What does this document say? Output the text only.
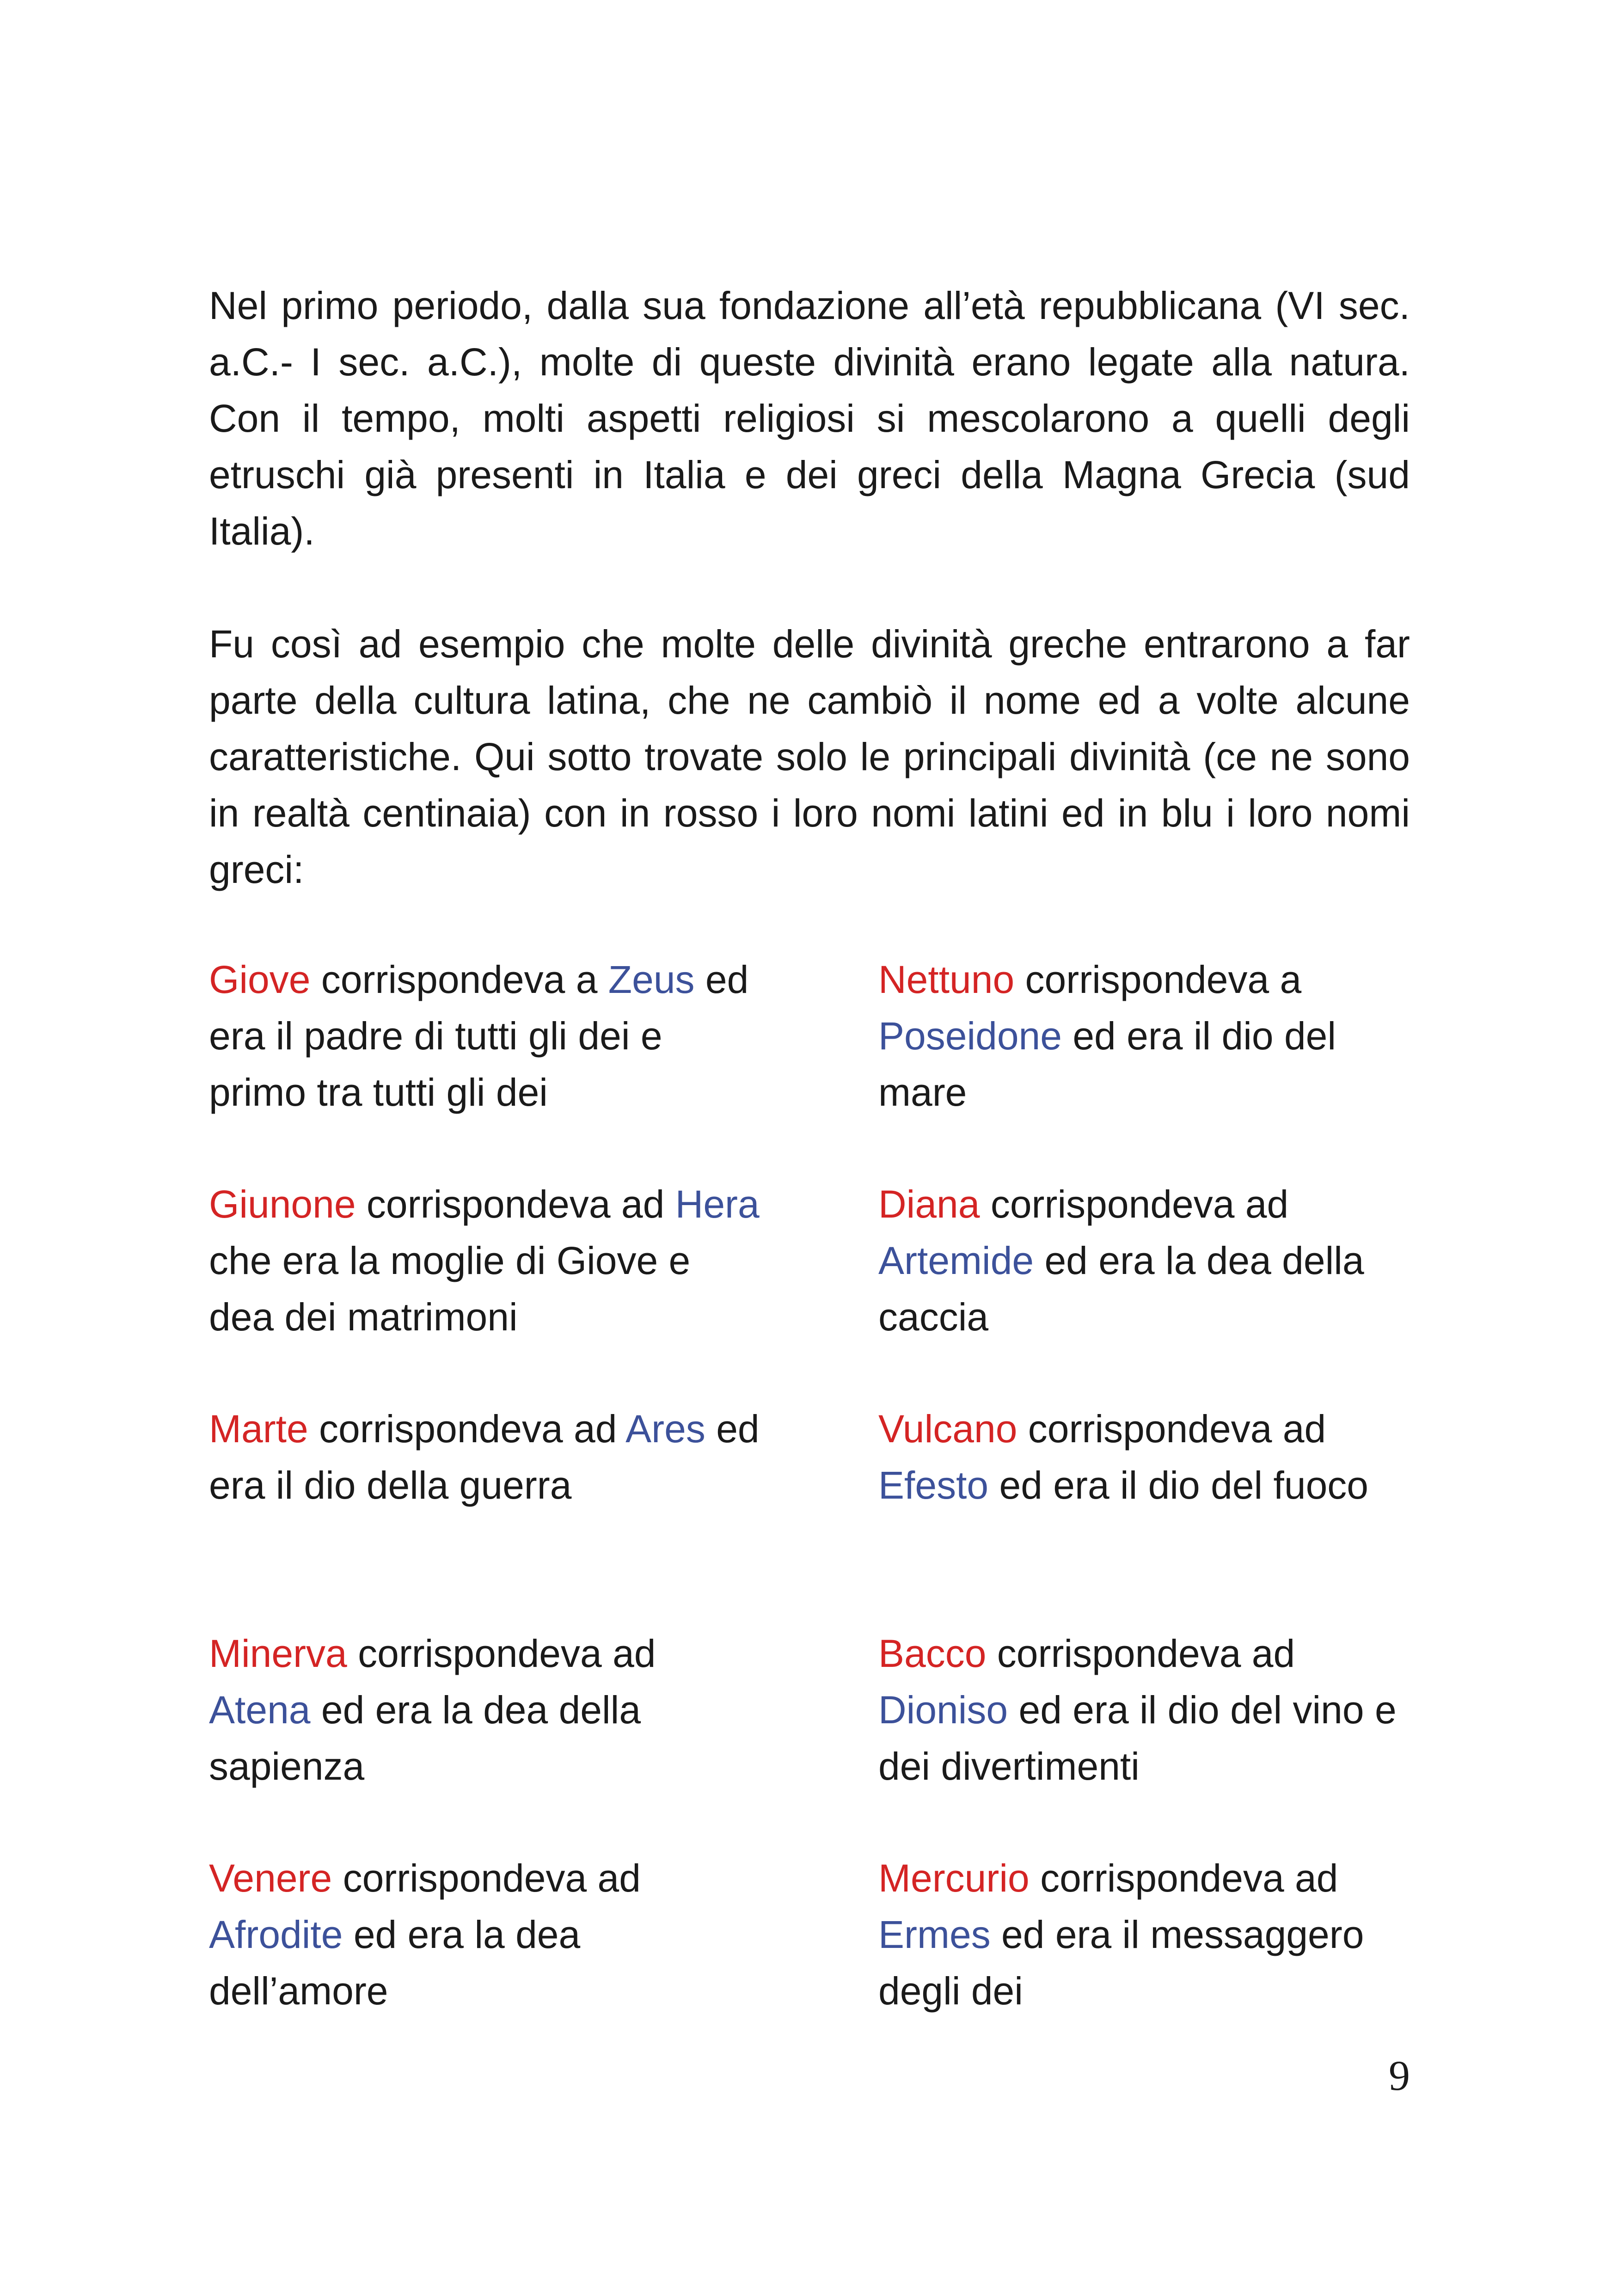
Nel primo periodo, dalla sua fondazione all’età repubblicana (VI sec. a.C.- I sec. a.C.), molte di queste divinità erano legate alla natura. Con il tempo, molti aspetti religiosi si mescolarono a quelli degli etruschi già presenti in Italia e dei greci della Magna Grecia (sud Italia).

Fu così ad esempio che molte delle divinità greche entrarono a far parte della cultura latina, che ne cambiò il nome ed a volte alcune caratteristiche. Qui sotto trovate solo le principali divinità (ce ne sono in realtà centinaia) con in rosso i loro nomi latini ed in blu i loro nomi greci:

Giove corrispondeva a Zeus ed era il padre di tutti gli dei e primo tra tutti gli dei
Giunone corrispondeva ad Hera che era la moglie di Giove e dea dei matrimoni
Marte corrispondeva ad Ares ed era il dio della guerra
Minerva corrispondeva ad Atena ed era la dea della sapienza
Venere corrispondeva ad Afrodite ed era la dea dell’amore
Nettuno corrispondeva a Poseidone ed era il dio del mare
Diana corrispondeva ad Artemide ed era la dea della caccia
Vulcano corrispondeva ad Efesto ed era il dio del fuoco
Bacco corrispondeva ad Dioniso ed era il dio del vino e dei divertimenti
Mercurio corrispondeva ad Ermes ed era il messaggero degli dei
9
